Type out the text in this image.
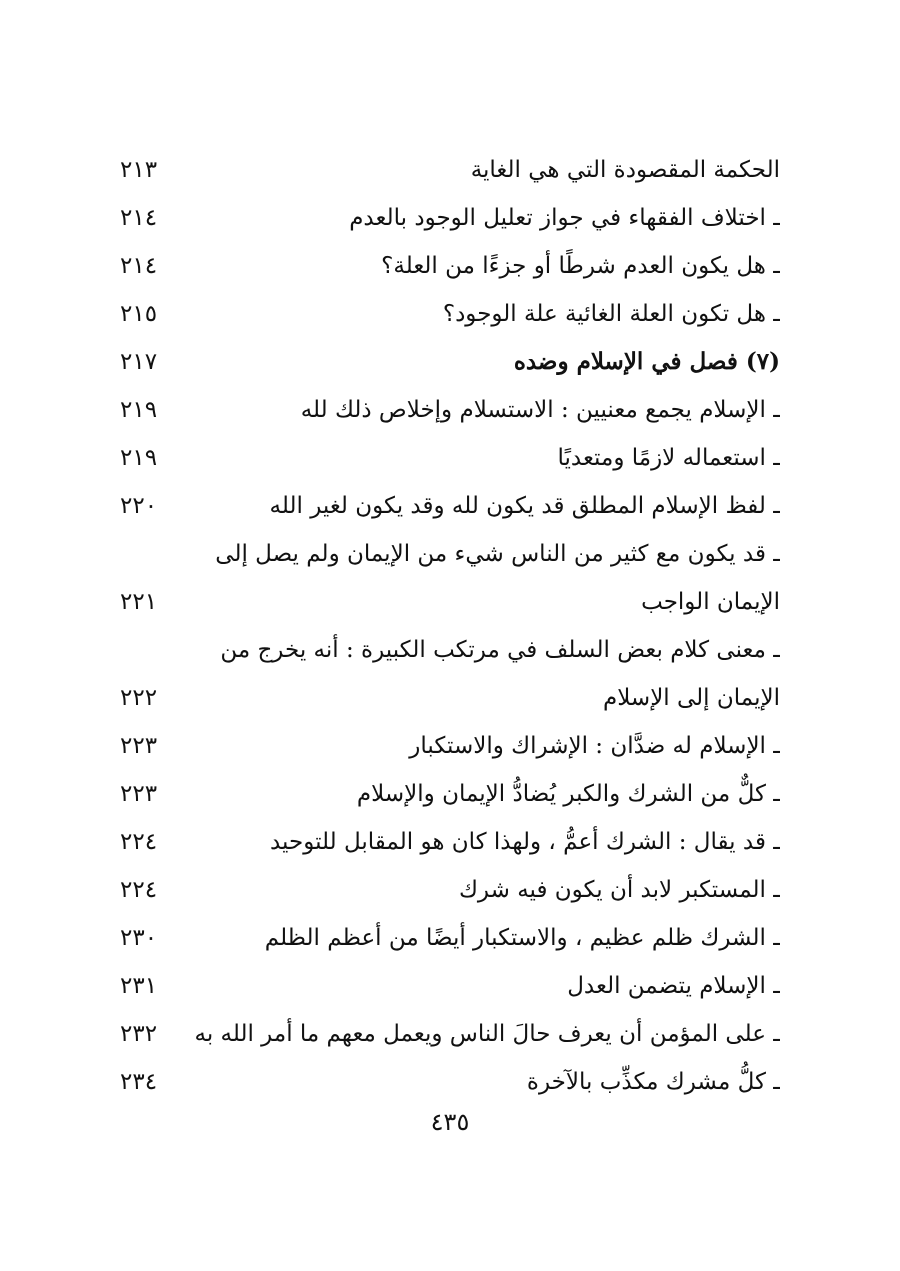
الحكمة المقصودة التي هي الغاية
٢١٣
ـ اختلاف الفقهاء في جواز تعليل الوجود بالعدم
٢١٤
ـ هل يكون العدم شرطًا أو جزءًا من العلة؟
٢١٤
ـ هل تكون العلة الغائية علة الوجود؟
٢١٥
(٧) فصل في الإسلام وضده
٢١٧
ـ الإسلام يجمع معنيين : الاستسلام وإخلاص ذلك لله
٢١٩
ـ استعماله لازمًا ومتعديًا
٢١٩
ـ لفظ الإسلام المطلق قد يكون لله وقد يكون لغير الله
٢٢٠
ـ قد يكون مع كثير من الناس شيء من الإيمان ولم يصل إلى
الإيمان الواجب
٢٢١
ـ معنى كلام بعض السلف في مرتكب الكبيرة : أنه يخرج من
الإيمان إلى الإسلام
٢٢٢
ـ الإسلام له ضدَّان : الإشراك والاستكبار
٢٢٣
ـ كلٌّ من الشرك والكبر يُضادُّ الإيمان والإسلام
٢٢٣
ـ قد يقال : الشرك أعمُّ ، ولهذا كان هو المقابل للتوحيد
٢٢٤
ـ المستكبر لابد أن يكون فيه شرك
٢٢٤
ـ الشرك ظلم عظيم ، والاستكبار أيضًا من أعظم الظلم
٢٣٠
ـ الإسلام يتضمن العدل
٢٣١
ـ على المؤمن أن يعرف حالَ الناس ويعمل معهم ما أمر الله به
٢٣٢
ـ كلُّ مشرك مكذِّب بالآخرة
٢٣٤
٤٣٥
